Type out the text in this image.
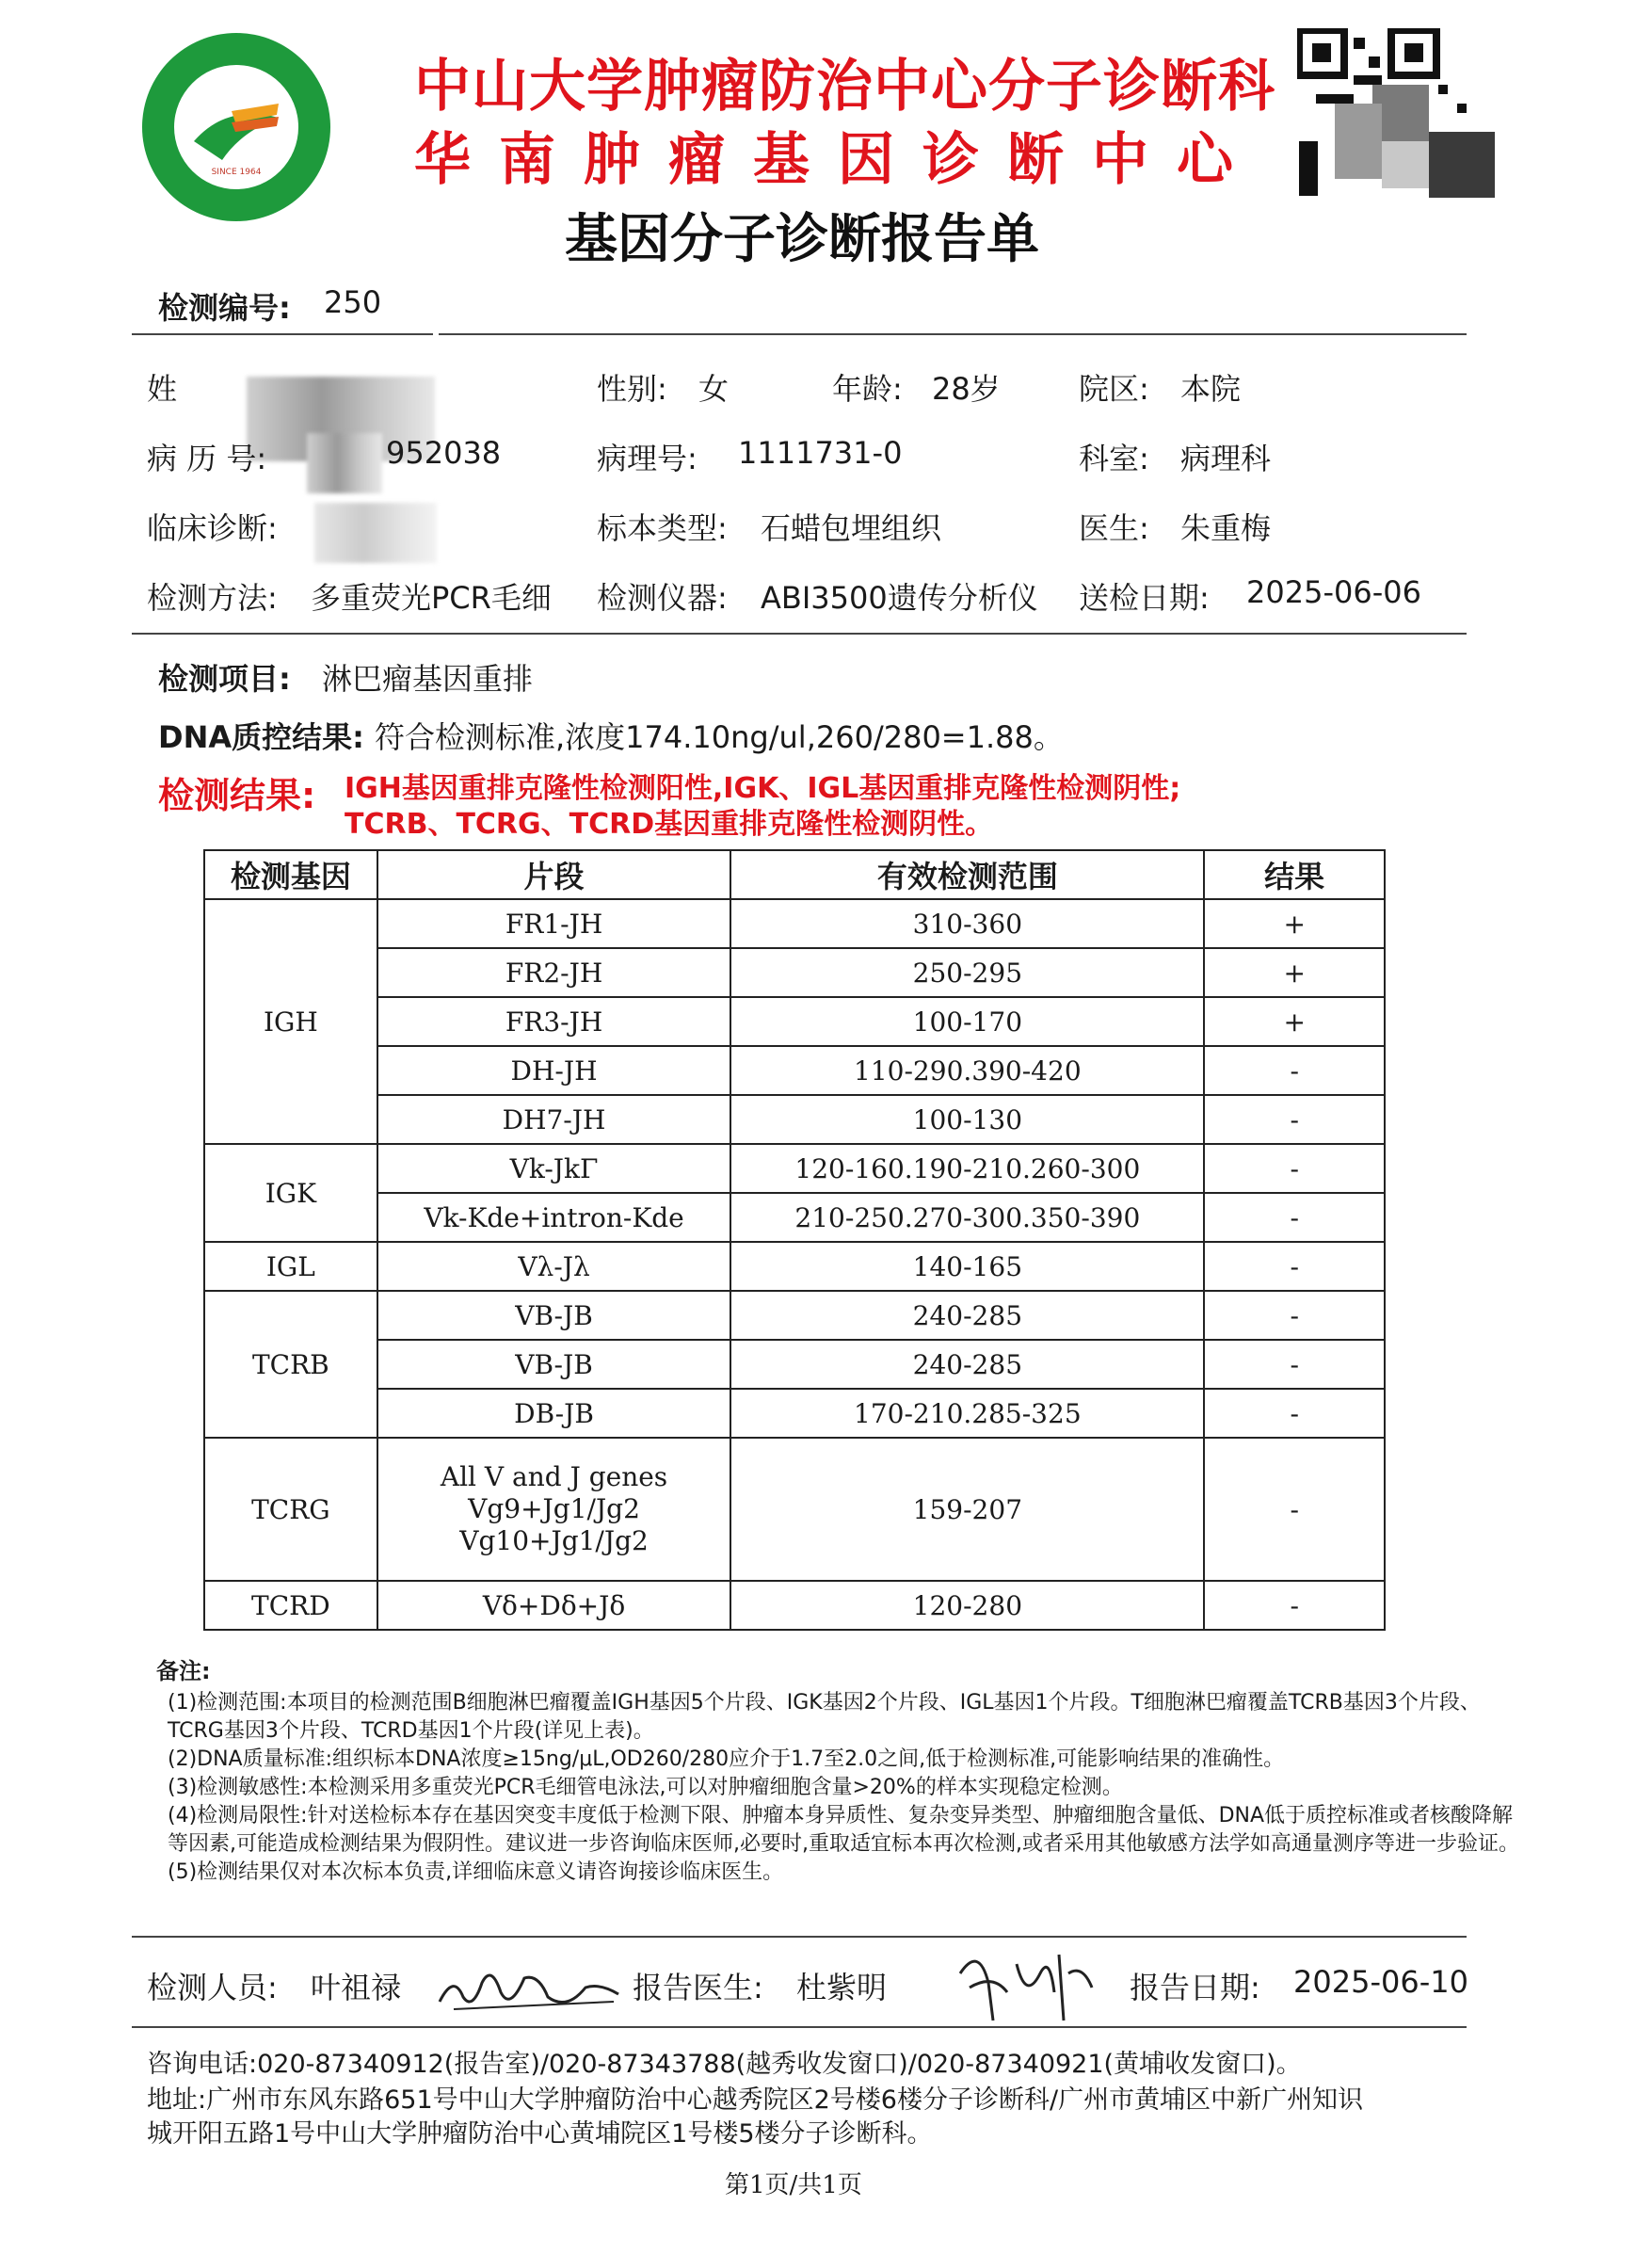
SINCE 1964
中山大学肿瘤防治中心分子诊断科
华南肿瘤基因诊断中心
基因分子诊断报告单
检测编号: 250
姓	性别: 女	年龄: 28岁	院区: 本院
病 历 号:	952038	病理号: 1111731-0	科室: 病理科
临床诊断:	标本类型: 石蜡包埋组织	医生: 朱重梅
检测方法: 多重荧光PCR毛细 检测仪器: ABI3500遗传分析仪 送检日期: 2025-06-06
检测项目: 淋巴瘤基因重排
DNA质控结果: 符合检测标准,浓度174.10ng/ul,260/280=1.88。
检测结果: IGH基因重排克隆性检测阳性,IGK、IGL基因重排克隆性检测阴性;
TCRB、TCRG、TCRD基因重排克隆性检测阴性。
检测基因	片段	有效检测范围	结果
IGH	FR1-JH	310-360	+
	FR2-JH	250-295	+
	FR3-JH	100-170	+
	DH-JH	110-290.390-420	-
	DH7-JH	100-130	-
IGK	Vk-JkΓ	120-160.190-210.260-300	-
	Vk-Kde+intron-Kde	210-250.270-300.350-390	-
IGL	Vλ-Jλ	140-165	-
TCRB	VB-JB	240-285	-
	VB-JB	240-285	-
	DB-JB	170-210.285-325	-
TCRG	All V and J genes
Vg9+Jg1/Jg2
Vg10+Jg1/Jg2	159-207	-
TCRD	Vδ+Dδ+Jδ	120-280	-
备注:
(1)检测范围:本项目的检测范围B细胞淋巴瘤覆盖IGH基因5个片段、IGK基因2个片段、IGL基因1个片段。T细胞淋巴瘤覆盖TCRB基因3个片段、TCRG基因3个片段、TCRD基因1个片段(详见上表)。
(2)DNA质量标准:组织标本DNA浓度≥15ng/μL,OD260/280应介于1.7至2.0之间,低于检测标准,可能影响结果的准确性。
(3)检测敏感性:本检测采用多重荧光PCR毛细管电泳法,可以对肿瘤细胞含量>20%的样本实现稳定检测。
(4)检测局限性:针对送检标本存在基因突变丰度低于检测下限、肿瘤本身异质性、复杂变异类型、肿瘤细胞含量低、DNA低于质控标准或者核酸降解等因素,可能造成检测结果为假阴性。建议进一步咨询临床医师,必要时,重取适宜标本再次检测,或者采用其他敏感方法学如高通量测序等进一步验证。
(5)检测结果仅对本次标本负责,详细临床意义请咨询接诊临床医生。
检测人员: 叶祖禄	报告医生: 杜紫明	报告日期: 2025-06-10
咨询电话:020-87340912(报告室)/020-87343788(越秀收发窗口)/020-87340921(黄埔收发窗口)。
地址:广州市东风东路651号中山大学肿瘤防治中心越秀院区2号楼6楼分子诊断科/广州市黄埔区中新广州知识
城开阳五路1号中山大学肿瘤防治中心黄埔院区1号楼5楼分子诊断科。
第1页/共1页
